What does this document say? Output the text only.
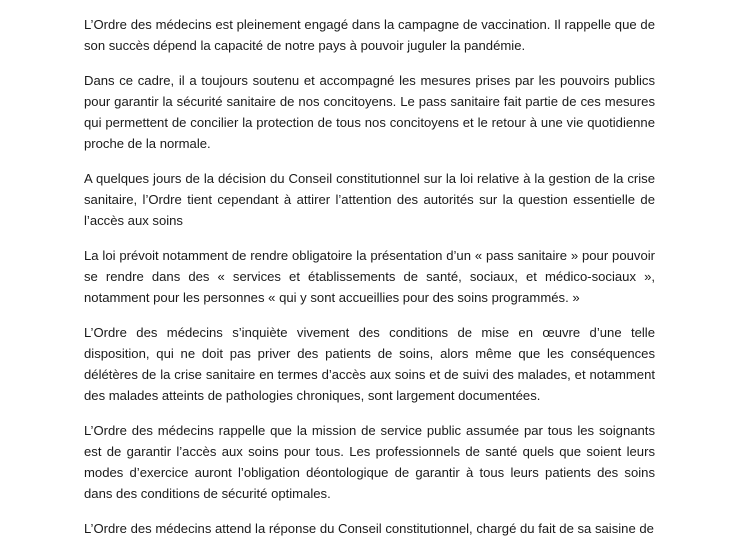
L’Ordre des médecins est pleinement engagé dans la campagne de vaccination. Il rappelle que de son succès dépend la capacité de notre pays à pouvoir juguler la pandémie.

Dans ce cadre, il a toujours soutenu et accompagné les mesures prises par les pouvoirs publics pour garantir la sécurité sanitaire de nos concitoyens. Le pass sanitaire fait partie de ces mesures qui permettent de concilier la protection de tous nos concitoyens et le retour à une vie quotidienne proche de la normale.

A quelques jours de la décision du Conseil constitutionnel sur la loi relative à la gestion de la crise sanitaire, l’Ordre tient cependant à attirer l’attention des autorités sur la question essentielle de l’accès aux soins

La loi prévoit notamment de rendre obligatoire la présentation d’un « pass sanitaire » pour pouvoir se rendre dans des « services et établissements de santé, sociaux, et médico-sociaux », notamment pour les personnes « qui y sont accueillies pour des soins programmés. »

L’Ordre des médecins s’inquiète vivement des conditions de mise en œuvre d’une telle disposition, qui ne doit pas priver des patients de soins, alors même que les conséquences délétères de la crise sanitaire en termes d’accès aux soins et de suivi des malades, et notamment des malades atteints de pathologies chroniques, sont largement documentées.

L’Ordre des médecins rappelle que la mission de service public assumée par tous les soignants est de garantir l’accès aux soins pour tous. Les professionnels de santé quels que soient leurs modes d’exercice auront l’obligation déontologique de garantir à tous leurs patients des soins dans des conditions de sécurité optimales.

L’Ordre des médecins attend la réponse du Conseil constitutionnel, chargé du fait de sa saisine de
